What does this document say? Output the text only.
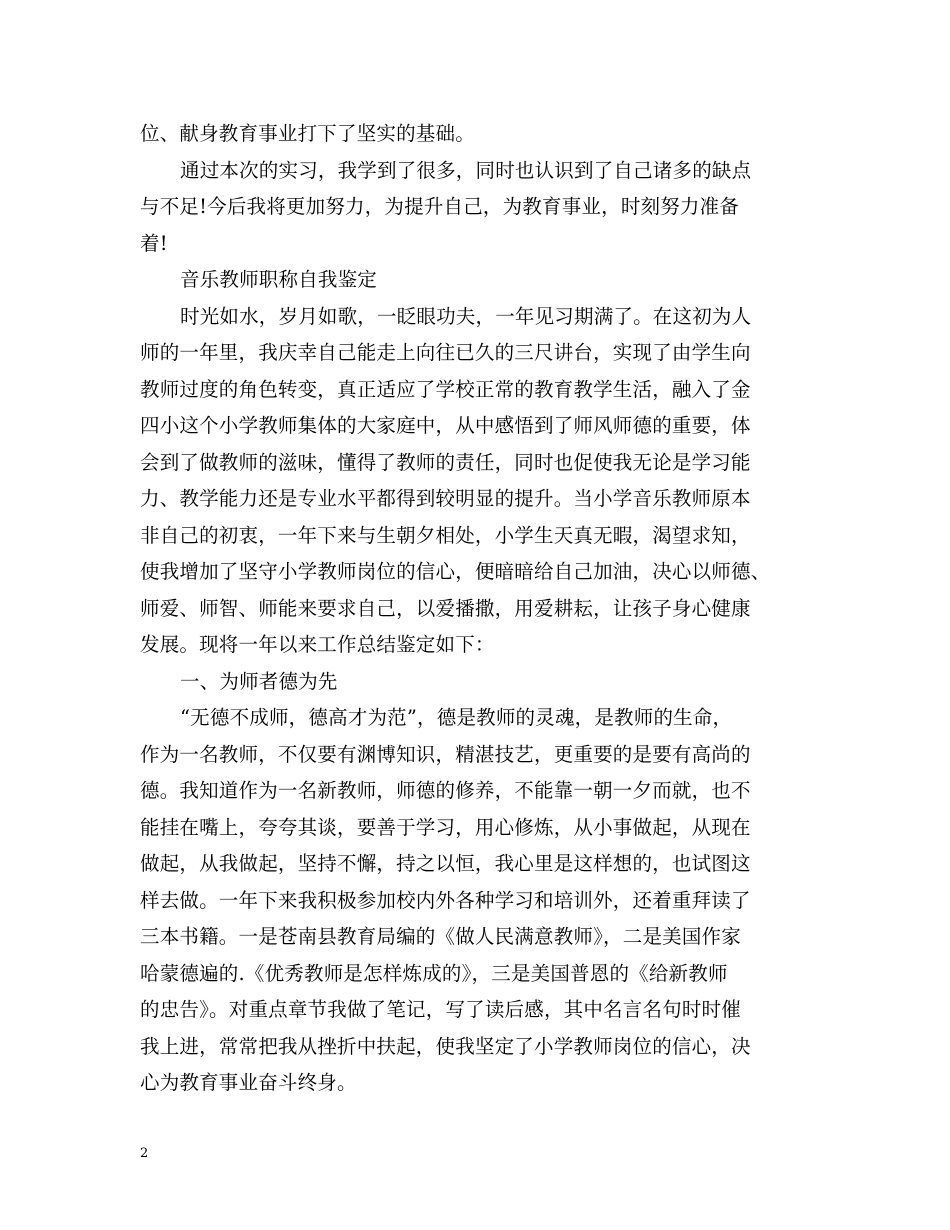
位、献身教育事业打下了坚实的基础。
通过本次的实习，我学到了很多，同时也认识到了自己诸多的缺点
与不足!今后我将更加努力，为提升自己，为教育事业，时刻努力准备
着!
音乐教师职称自我鉴定
时光如水，岁月如歌，一眨眼功夫，一年见习期满了。在这初为人
师的一年里，我庆幸自己能走上向往已久的三尺讲台，实现了由学生向
教师过度的角色转变，真正适应了学校正常的教育教学生活，融入了金
四小这个小学教师集体的大家庭中，从中感悟到了师风师德的重要，体
会到了做教师的滋味，懂得了教师的责任，同时也促使我无论是学习能
力、教学能力还是专业水平都得到较明显的提升。当小学音乐教师原本
非自己的初衷，一年下来与生朝夕相处，小学生天真无暇，渴望求知，
使我增加了坚守小学教师岗位的信心，便暗暗给自己加油，决心以师德、
师爱、师智、师能来要求自己，以爱播撒，用爱耕耘，让孩子身心健康
发展。现将一年以来工作总结鉴定如下：
一、为师者德为先
“无德不成师，德高才为范”，德是教师的灵魂，是教师的生命，
作为一名教师，不仅要有渊博知识，精湛技艺，更重要的是要有高尚的
德。我知道作为一名新教师，师德的修养，不能靠一朝一夕而就，也不
能挂在嘴上，夸夸其谈，要善于学习，用心修炼，从小事做起，从现在
做起，从我做起，坚持不懈，持之以恒，我心里是这样想的，也试图这
样去做。一年下来我积极参加校内外各种学习和培训外，还着重拜读了
三本书籍。一是苍南县教育局编的《做人民满意教师》，二是美国作家
哈蒙德遍的.《优秀教师是怎样炼成的》，三是美国普恩的《给新教师
的忠告》。对重点章节我做了笔记，写了读后感，其中名言名句时时催
我上进，常常把我从挫折中扶起，使我坚定了小学教师岗位的信心，决
心为教育事业奋斗终身。
2
